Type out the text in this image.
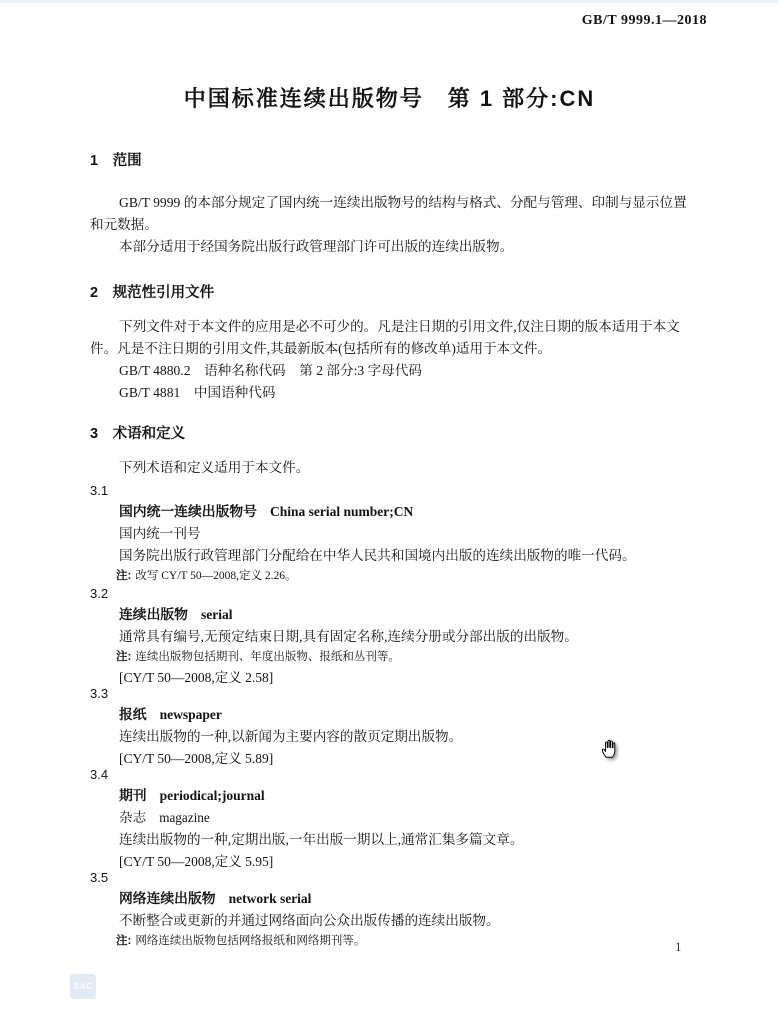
GB/T 9999.1—2018
中国标准连续出版物号　第 1 部分:CN
1　范围
GB/T 9999 的本部分规定了国内统一连续出版物号的结构与格式、分配与管理、印制与显示位置
和元数据。
本部分适用于经国务院出版行政管理部门许可出版的连续出版物。
2　规范性引用文件
下列文件对于本文件的应用是必不可少的。凡是注日期的引用文件,仅注日期的版本适用于本文
件。凡是不注日期的引用文件,其最新版本(包括所有的修改单)适用于本文件。
GB/T 4880.2　语种名称代码　第 2 部分:3 字母代码
GB/T 4881　中国语种代码
3　术语和定义
下列术语和定义适用于本文件。
3.1
国内统一连续出版物号 China serial number;CN
国内统一刊号
国务院出版行政管理部门分配给在中华人民共和国境内出版的连续出版物的唯一代码。
注: 改写 CY/T 50—2008,定义 2.26。
3.2
连续出版物 serial
通常具有编号,无预定结束日期,具有固定名称,连续分册或分部出版的出版物。
注: 连续出版物包括期刊、年度出版物、报纸和丛刊等。
[CY/T 50—2008,定义 2.58]
3.3
报纸 newspaper
连续出版物的一种,以新闻为主要内容的散页定期出版物。
[CY/T 50—2008,定义 5.89]
3.4
期刊 periodical;journal
杂志 magazine
连续出版物的一种,定期出版,一年出版一期以上,通常汇集多篇文章。
[CY/T 50—2008,定义 5.95]
3.5
网络连续出版物 network serial
不断整合或更新的并通过网络面向公众出版传播的连续出版物。
注: 网络连续出版物包括网络报纸和网络期刊等。	1
SAC
